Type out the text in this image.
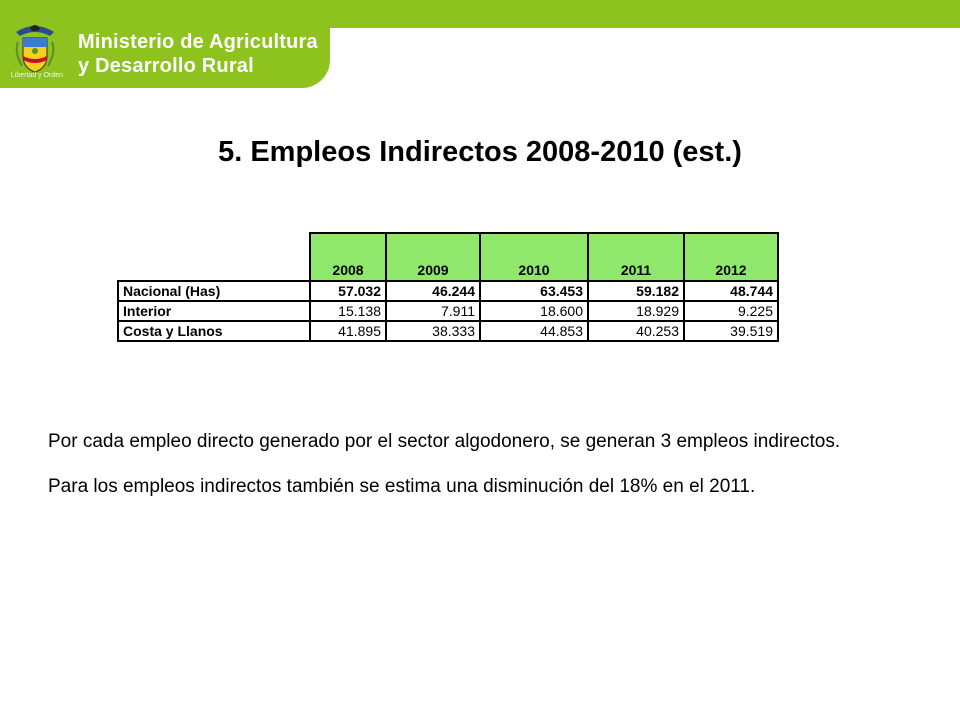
Libertad y Orden
Ministerio de Agricultura
y Desarrollo Rural
5. Empleos Indirectos 2008-2010 (est.)
	2008	2009	2010	2011	2012
Nacional (Has)	57.032	46.244	63.453	59.182	48.744
Interior	15.138	7.911	18.600	18.929	9.225
Costa y Llanos	41.895	38.333	44.853	40.253	39.519

Por cada empleo directo generado por el sector algodonero, se generan 3 empleos indirectos.

Para los empleos indirectos también se estima una disminución del 18% en el 2011.
